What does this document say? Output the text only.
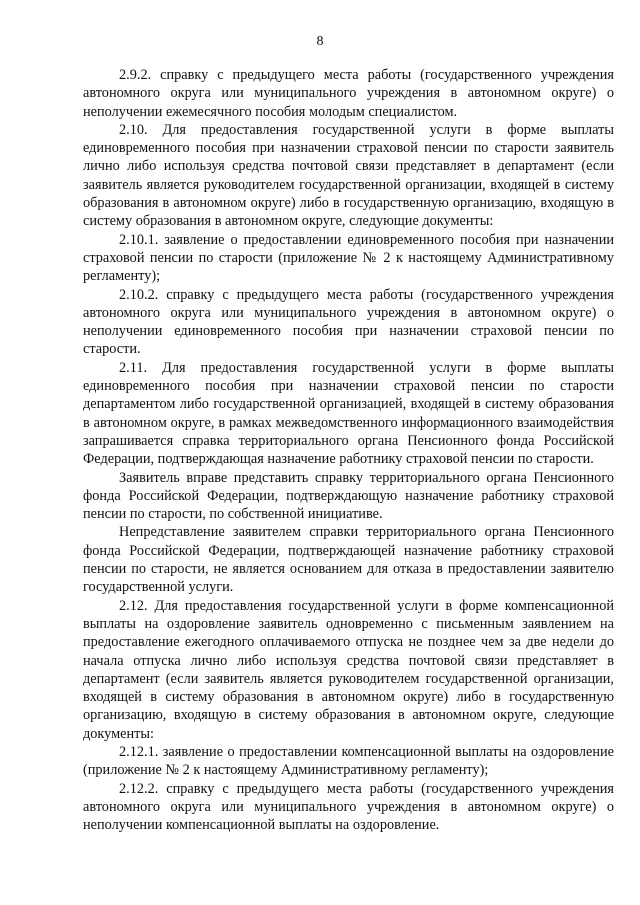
8

2.9.2. справку с предыдущего места работы (государственного учреждения автономного округа или муниципального учреждения в автономном округе) о неполучении ежемесячного пособия молодым специалистом.

2.10. Для предоставления государственной услуги в форме выплаты единовременного пособия при назначении страховой пенсии по старости заявитель лично либо используя средства почтовой связи представляет в департамент (если заявитель является руководителем государственной организации, входящей в систему образования в автономном округе) либо в государственную организацию, входящую в систему образования в автономном округе, следующие документы:

2.10.1. заявление о предоставлении единовременного пособия при назначении страховой пенсии по старости (приложение № 2 к настоящему Административному регламенту);

2.10.2. справку с предыдущего места работы (государственного учреждения автономного округа или муниципального учреждения в автономном округе) о неполучении единовременного пособия при назначении страховой пенсии по старости.

2.11. Для предоставления государственной услуги в форме выплаты единовременного пособия при назначении страховой пенсии по старости департаментом либо государственной организацией, входящей в систему образования в автономном округе, в рамках межведомственного информационного взаимодействия запрашивается справка территориального органа Пенсионного фонда Российской Федерации, подтверждающая назначение работнику страховой пенсии по старости.

Заявитель вправе представить справку территориального органа Пенсионного фонда Российской Федерации, подтверждающую назначение работнику страховой пенсии по старости, по собственной инициативе.

Непредставление заявителем справки территориального органа Пенсионного фонда Российской Федерации, подтверждающей назначение работнику страховой пенсии по старости, не является основанием для отказа в предоставлении заявителю государственной услуги.

2.12. Для предоставления государственной услуги в форме компенсационной выплаты на оздоровление заявитель одновременно с письменным заявлением на предоставление ежегодного оплачиваемого отпуска не позднее чем за две недели до начала отпуска лично либо используя средства почтовой связи представляет в департамент (если заявитель является руководителем государственной организации, входящей в систему образования в автономном округе) либо в государственную организацию, входящую в систему образования в автономном округе, следующие документы:

2.12.1. заявление о предоставлении компенсационной выплаты на оздоровление (приложение № 2 к настоящему Административному регламенту);

2.12.2. справку с предыдущего места работы (государственного учреждения автономного округа или муниципального учреждения в автономном округе) о неполучении компенсационной выплаты на оздоровление.
